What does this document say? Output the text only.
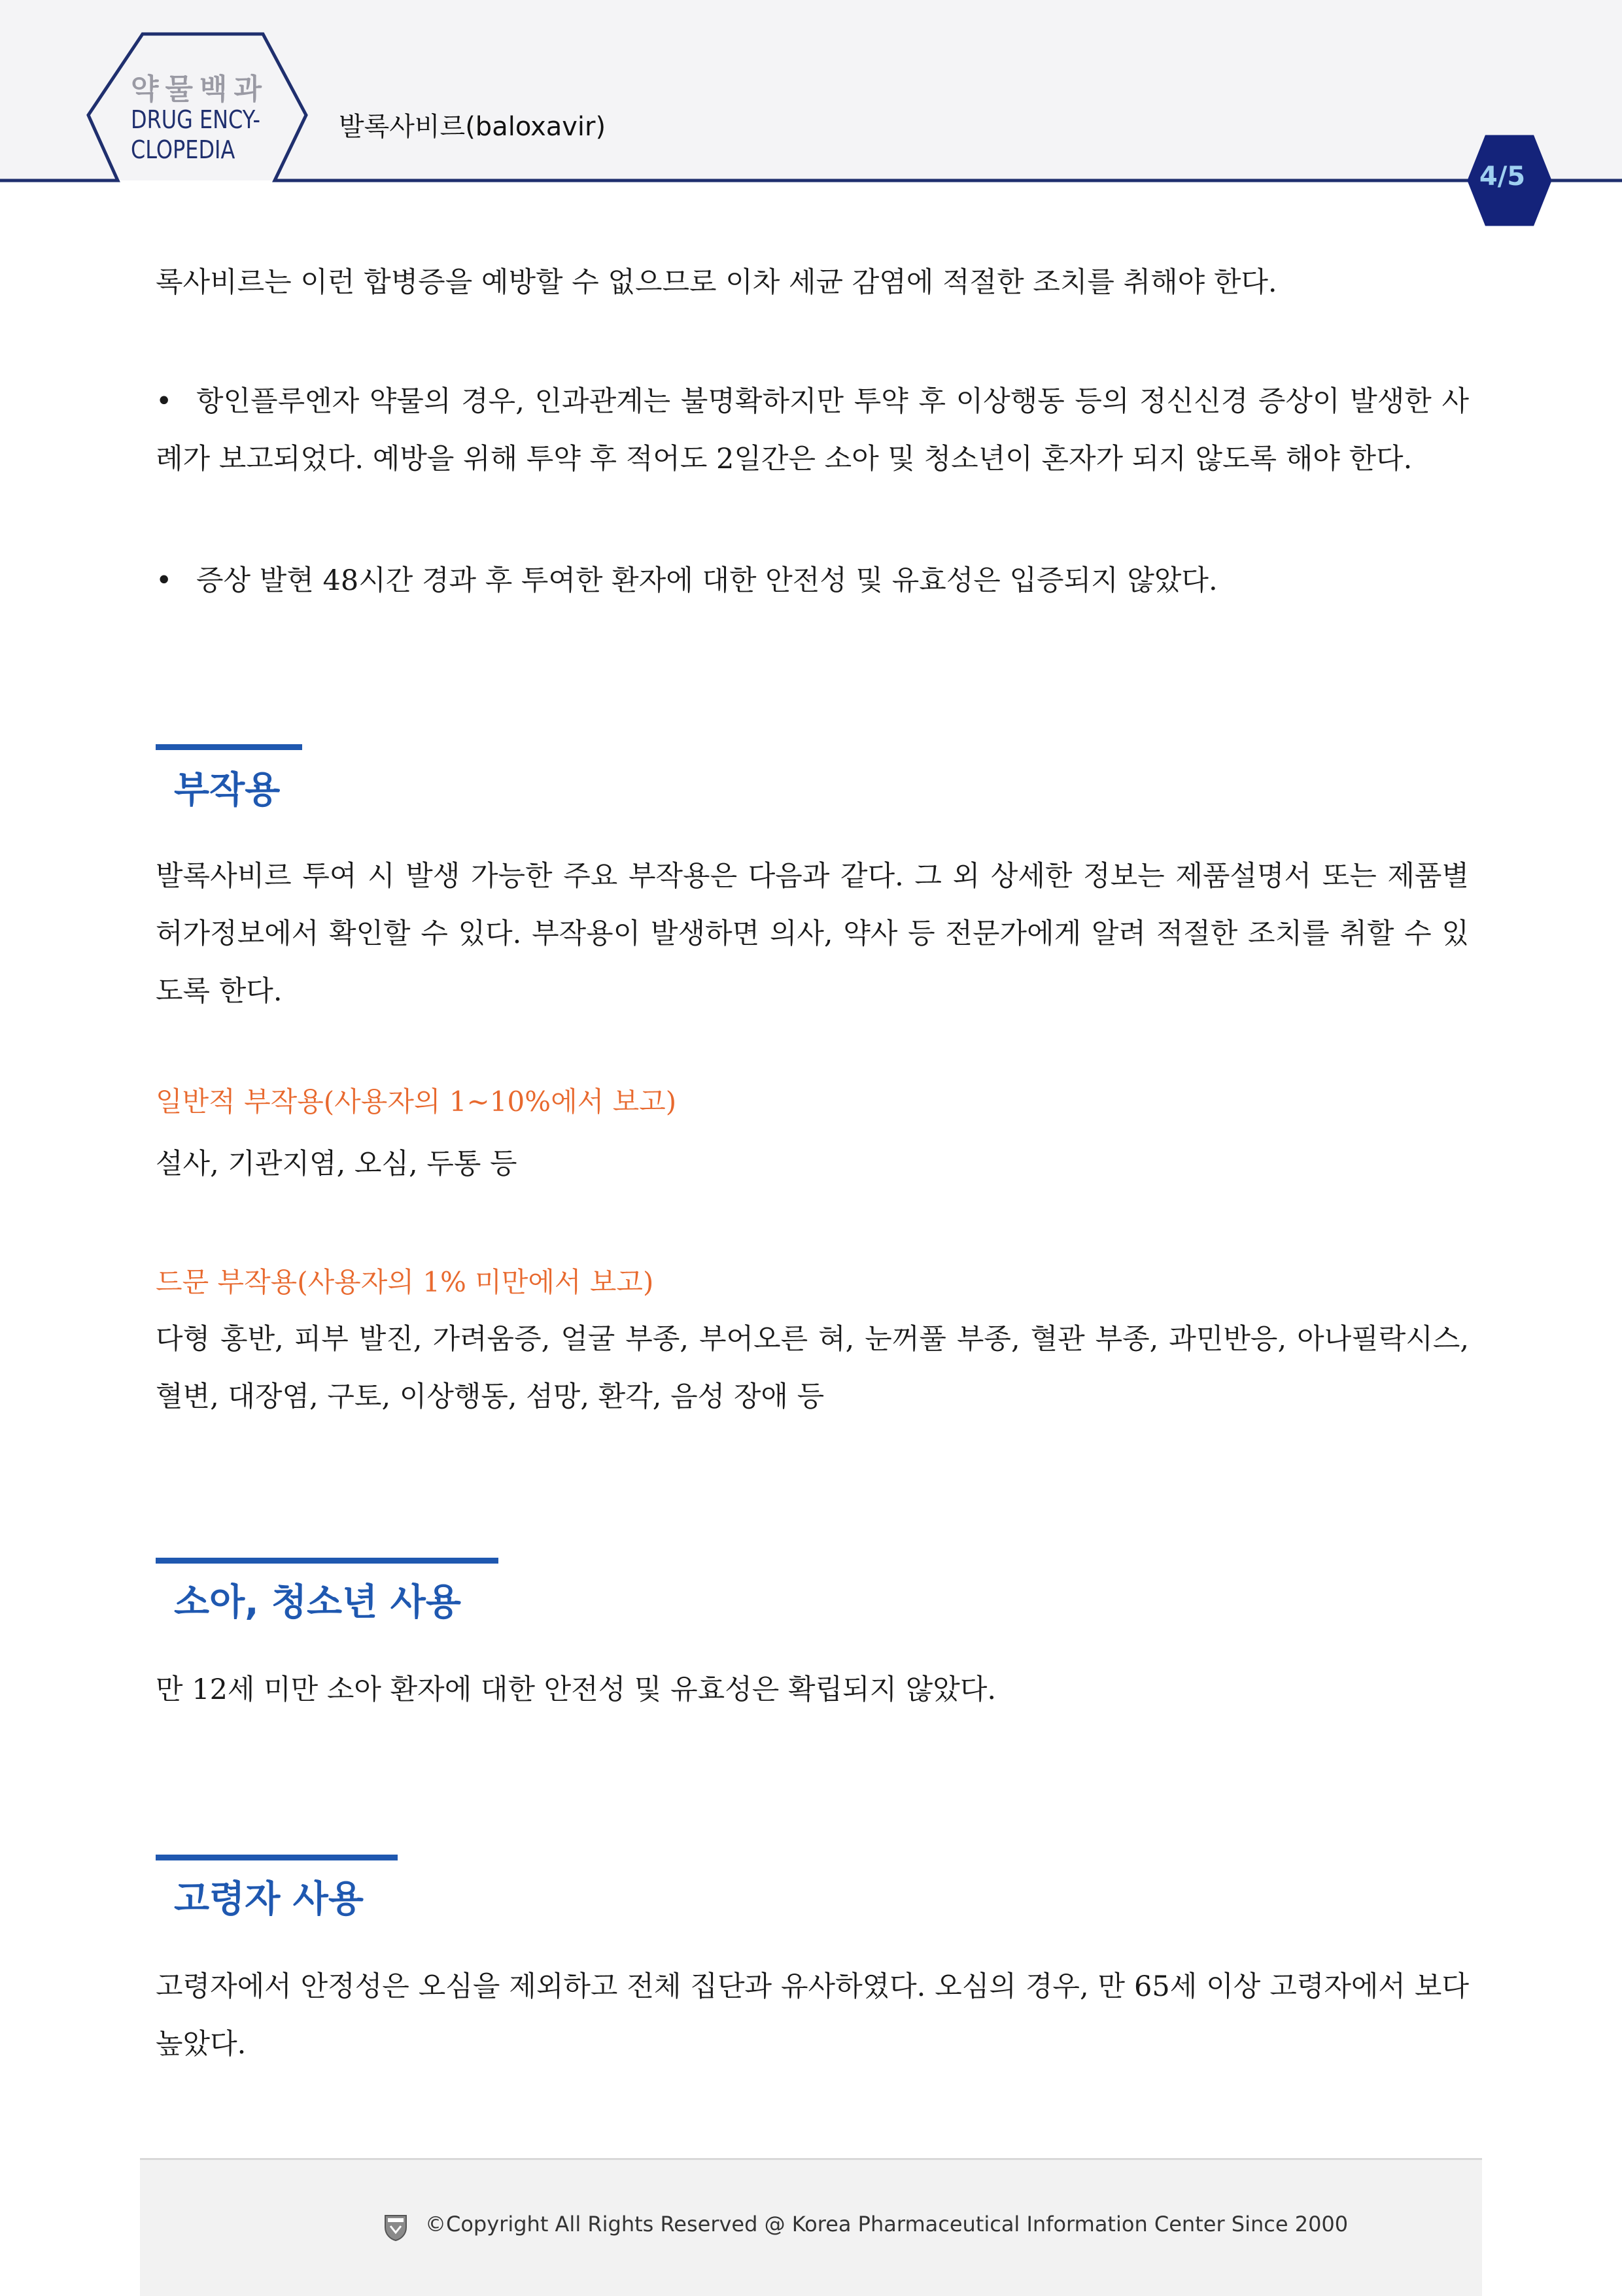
약물백과
DRUG ENCY-
CLOPEDIA
발록사비르(baloxavir)
4/5

록사비르는 이런 합병증을 예방할 수 없으므로 이차 세균 감염에 적절한 조치를 취해야 한다.

• 항인플루엔자 약물의 경우, 인과관계는 불명확하지만 투약 후 이상행동 등의 정신신경 증상이 발생한 사례가 보고되었다. 예방을 위해 투약 후 적어도 2일간은 소아 및 청소년이 혼자가 되지 않도록 해야 한다.
• 증상 발현 48시간 경과 후 투여한 환자에 대한 안전성 및 유효성은 입증되지 않았다.
부작용

발록사비르 투여 시 발생 가능한 주요 부작용은 다음과 같다. 그 외 상세한 정보는 제품설명서 또는 제품별 허가정보에서 확인할 수 있다. 부작용이 발생하면 의사, 약사 등 전문가에게 알려 적절한 조치를 취할 수 있도록 한다.

일반적 부작용(사용자의 1~10%에서 보고)

설사, 기관지염, 오심, 두통 등

드문 부작용(사용자의 1% 미만에서 보고)

다형 홍반, 피부 발진, 가려움증, 얼굴 부종, 부어오른 혀, 눈꺼풀 부종, 혈관 부종, 과민반응, 아나필락시스, 혈변, 대장염, 구토, 이상행동, 섬망, 환각, 음성 장애 등

소아, 청소년 사용

만 12세 미만 소아 환자에 대한 안전성 및 유효성은 확립되지 않았다.

고령자 사용

고령자에서 안정성은 오심을 제외하고 전체 집단과 유사하였다. 오심의 경우, 만 65세 이상 고령자에서 보다 높았다.

©Copyright All Rights Reserved @ Korea Pharmaceutical Information Center Since 2000
